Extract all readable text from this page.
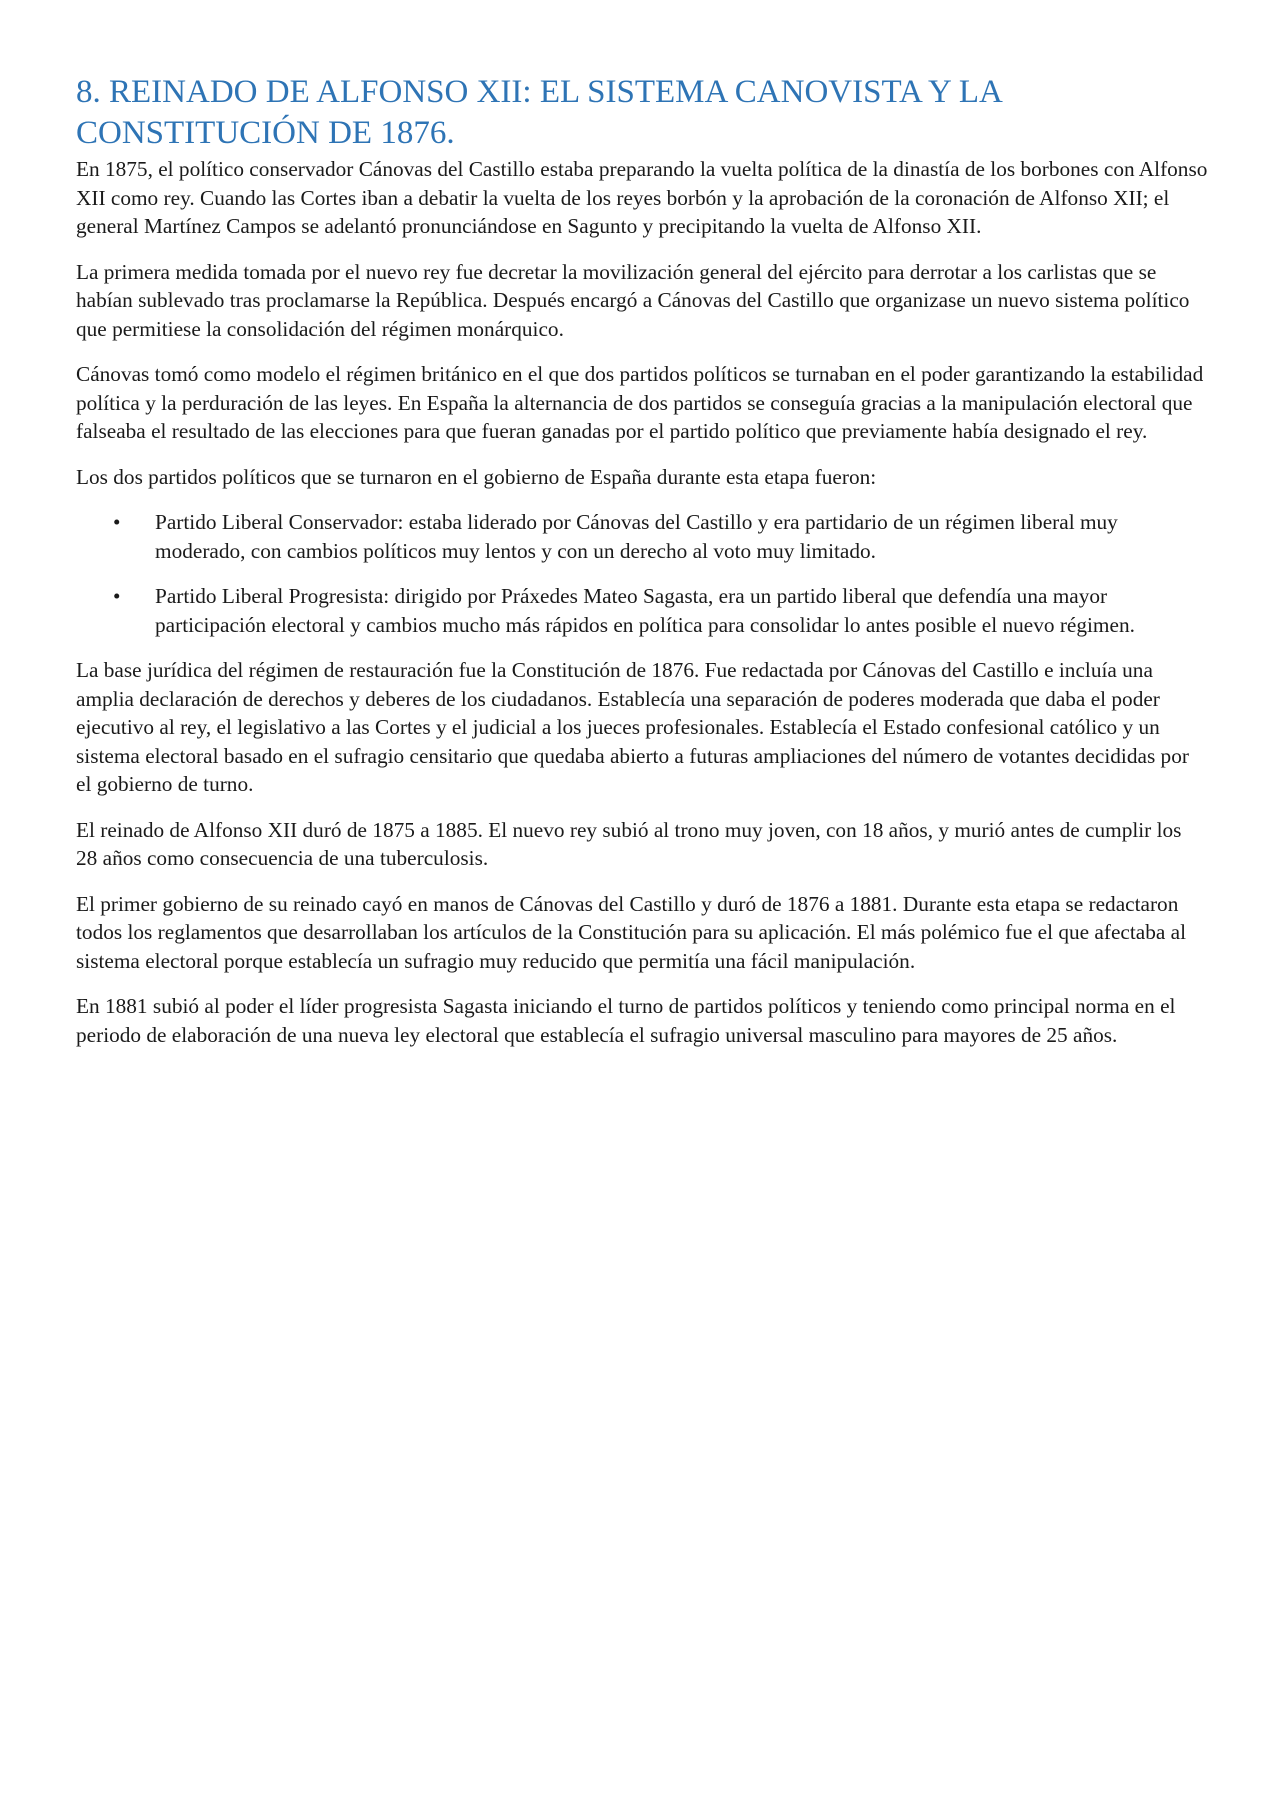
8. REINADO DE ALFONSO XII: EL SISTEMA CANOVISTA Y LA CONSTITUCIÓN DE 1876.

En 1875, el político conservador Cánovas del Castillo estaba preparando la vuelta política de la dinastía de los borbones con Alfonso XII como rey. Cuando las Cortes iban a debatir la vuelta de los reyes borbón y la aprobación de la coronación de Alfonso XII; el general Martínez Campos se adelantó pronunciándose en Sagunto y precipitando la vuelta de Alfonso XII.

La primera medida tomada por el nuevo rey fue decretar la movilización general del ejército para derrotar a los carlistas que se habían sublevado tras proclamarse la República. Después encargó a Cánovas del Castillo que organizase un nuevo sistema político que permitiese la consolidación del régimen monárquico.

Cánovas tomó como modelo el régimen británico en el que dos partidos políticos se turnaban en el poder garantizando la estabilidad política y la perduración de las leyes. En España la alternancia de dos partidos se conseguía gracias a la manipulación electoral que falseaba el resultado de las elecciones para que fueran ganadas por el partido político que previamente había designado el rey.

Los dos partidos políticos que se turnaron en el gobierno de España durante esta etapa fueron:

• Partido Liberal Conservador: estaba liderado por Cánovas del Castillo y era partidario de un régimen liberal muy moderado, con cambios políticos muy lentos y con un derecho al voto muy limitado.
• Partido Liberal Progresista: dirigido por Práxedes Mateo Sagasta, era un partido liberal que defendía una mayor participación electoral y cambios mucho más rápidos en política para consolidar lo antes posible el nuevo régimen.

La base jurídica del régimen de restauración fue la Constitución de 1876. Fue redactada por Cánovas del Castillo e incluía una amplia declaración de derechos y deberes de los ciudadanos. Establecía una separación de poderes moderada que daba el poder ejecutivo al rey, el legislativo a las Cortes y el judicial a los jueces profesionales. Establecía el Estado confesional católico y un sistema electoral basado en el sufragio censitario que quedaba abierto a futuras ampliaciones del número de votantes decididas por el gobierno de turno.

El reinado de Alfonso XII duró de 1875 a 1885. El nuevo rey subió al trono muy joven, con 18 años, y murió antes de cumplir los 28 años como consecuencia de una tuberculosis.

El primer gobierno de su reinado cayó en manos de Cánovas del Castillo y duró de 1876 a 1881. Durante esta etapa se redactaron todos los reglamentos que desarrollaban los artículos de la Constitución para su aplicación. El más polémico fue el que afectaba al sistema electoral porque establecía un sufragio muy reducido que permitía una fácil manipulación.

En 1881 subió al poder el líder progresista Sagasta iniciando el turno de partidos políticos y teniendo como principal norma en el periodo de elaboración de una nueva ley electoral que establecía el sufragio universal masculino para mayores de 25 años.
